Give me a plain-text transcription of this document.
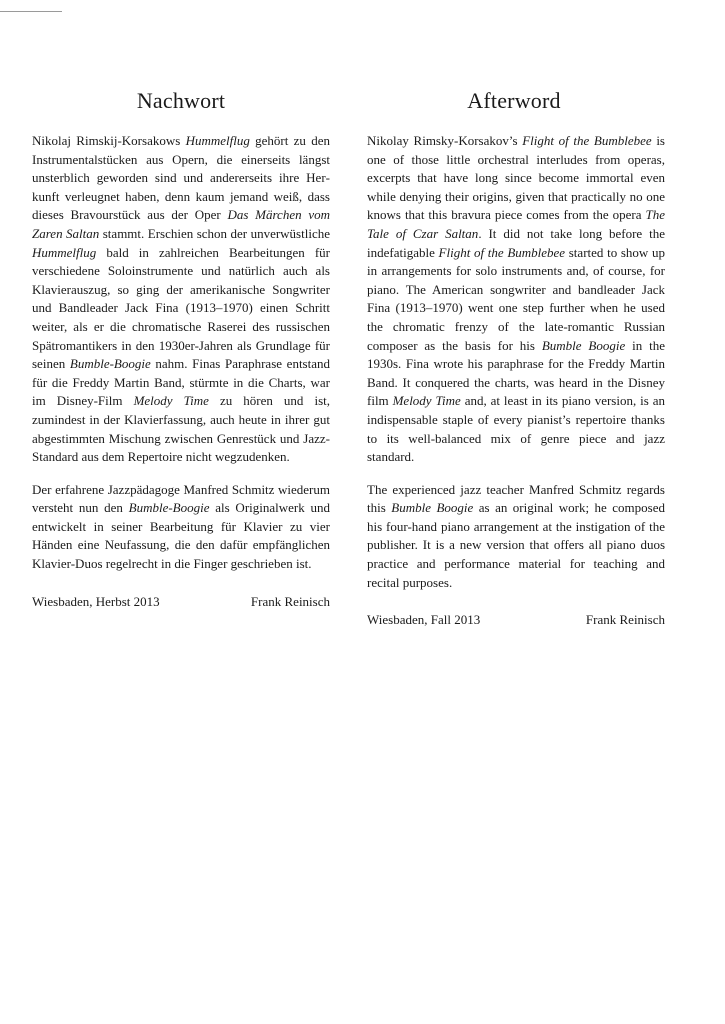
Nachwort

Nikolaj Rimskij-Korsakows Hummelflug gehört zu den Instrumentalstücken aus Opern, die einerseits längst unsterblich geworden sind und andererseits ihre Herkunft verleugnet haben, denn kaum jemand weiß, dass dieses Bravourstück aus der Oper Das Märchen vom Zaren Saltan stammt. Erschien schon der unverwüstliche Hummelflug bald in zahlreichen Bearbeitungen für verschiedene Soloinstrumente und natürlich auch als Klavierauszug, so ging der amerikanische Songwriter und Bandleader Jack Fina (1913–1970) einen Schritt weiter, als er die chromatische Raserei des russischen Spätromantikers in den 1930er-Jahren als Grundlage für seinen Bumble-Boogie nahm. Finas Paraphrase entstand für die Freddy Martin Band, stürmte in die Charts, war im Disney-Film Melody Time zu hören und ist, zumindest in der Klavierfassung, auch heute in ihrer gut abgestimmten Mischung zwischen Genrestück und Jazz-Standard aus dem Repertoire nicht wegzudenken.

Der erfahrene Jazzpädagoge Manfred Schmitz wiederum versteht nun den Bumble-Boogie als Originalwerk und entwickelt in seiner Bearbeitung für Klavier zu vier Händen eine Neufassung, die den dafür empfänglichen Klavier-Duos regelrecht in die Finger geschrieben ist.

Wiesbaden, Herbst 2013	Frank Reinisch
Afterword

Nikolay Rimsky-Korsakov’s Flight of the Bumblebee is one of those little orchestral interludes from operas, excerpts that have long since become immortal even while denying their origins, given that practically no one knows that this bravura piece comes from the opera The Tale of Czar Saltan. It did not take long before the indefatigable Flight of the Bumblebee started to show up in arrangements for solo instruments and, of course, for piano. The American songwriter and bandleader Jack Fina (1913–1970) went one step further when he used the chromatic frenzy of the late-romantic Russian composer as the basis for his Bumble Boogie in the 1930s. Fina wrote his paraphrase for the Freddy Martin Band. It conquered the charts, was heard in the Disney film Melody Time and, at least in its piano version, is an indispensable staple of every pianist’s repertoire thanks to its well-balanced mix of genre piece and jazz standard.

The experienced jazz teacher Manfred Schmitz regards this Bumble Boogie as an original work; he composed his four-hand piano arrangement at the instigation of the publisher. It is a new version that offers all piano duos practice and performance material for teaching and recital purposes.

Wiesbaden, Fall 2013	Frank Reinisch
